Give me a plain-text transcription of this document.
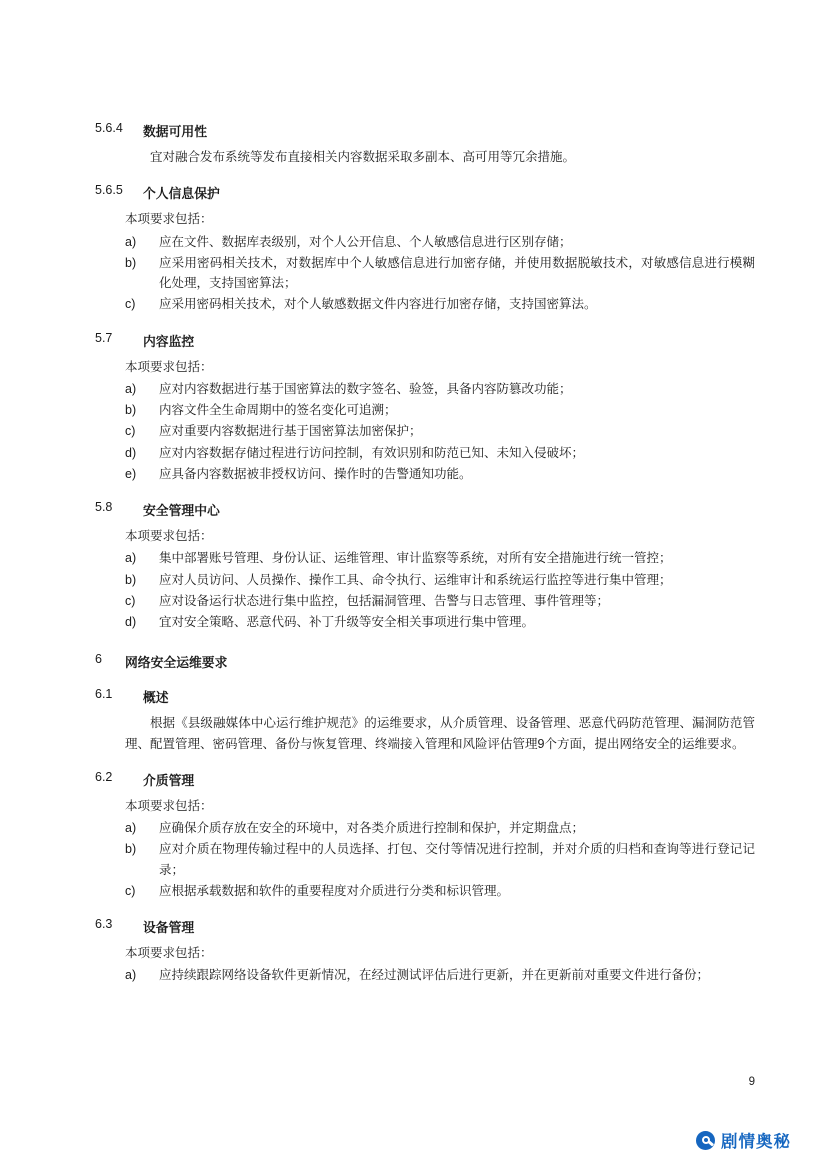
5.6.4	数据可用性

宜对融合发布系统等发布直接相关内容数据采取多副本、高可用等冗余措施。

5.6.5	个人信息保护

本项要求包括：

a)	应在文件、数据库表级别，对个人公开信息、个人敏感信息进行区别存储；
b)	应采用密码相关技术，对数据库中个人敏感信息进行加密存储，并使用数据脱敏技术，对敏感信息进行模糊化处理，支持国密算法；
c)	应采用密码相关技术，对个人敏感数据文件内容进行加密存储，支持国密算法。
5.7	内容监控

本项要求包括：

a)	应对内容数据进行基于国密算法的数字签名、验签，具备内容防篡改功能；
b)	内容文件全生命周期中的签名变化可追溯；
c)	应对重要内容数据进行基于国密算法加密保护；
d)	应对内容数据存储过程进行访问控制，有效识别和防范已知、未知入侵破坏；
e)	应具备内容数据被非授权访问、操作时的告警通知功能。
5.8	安全管理中心

本项要求包括：

a)	集中部署账号管理、身份认证、运维管理、审计监察等系统，对所有安全措施进行统一管控；
b)	应对人员访问、人员操作、操作工具、命令执行、运维审计和系统运行监控等进行集中管理；
c)	应对设备运行状态进行集中监控，包括漏洞管理、告警与日志管理、事件管理等；
d)	宜对安全策略、恶意代码、补丁升级等安全相关事项进行集中管理。
6	网络安全运维要求
6.1	概述

根据《县级融媒体中心运行维护规范》的运维要求，从介质管理、设备管理、恶意代码防范管理、漏洞防范管理、配置管理、密码管理、备份与恢复管理、终端接入管理和风险评估管理9个方面，提出网络安全的运维要求。

6.2	介质管理

本项要求包括：

a)	应确保介质存放在安全的环境中，对各类介质进行控制和保护，并定期盘点；
b)	应对介质在物理传输过程中的人员选择、打包、交付等情况进行控制，并对介质的归档和查询等进行登记记录；
c)	应根据承载数据和软件的重要程度对介质进行分类和标识管理。
6.3	设备管理

本项要求包括：

a)	应持续跟踪网络设备软件更新情况，在经过测试评估后进行更新，并在更新前对重要文件进行备份；
9
剧情奥秘
